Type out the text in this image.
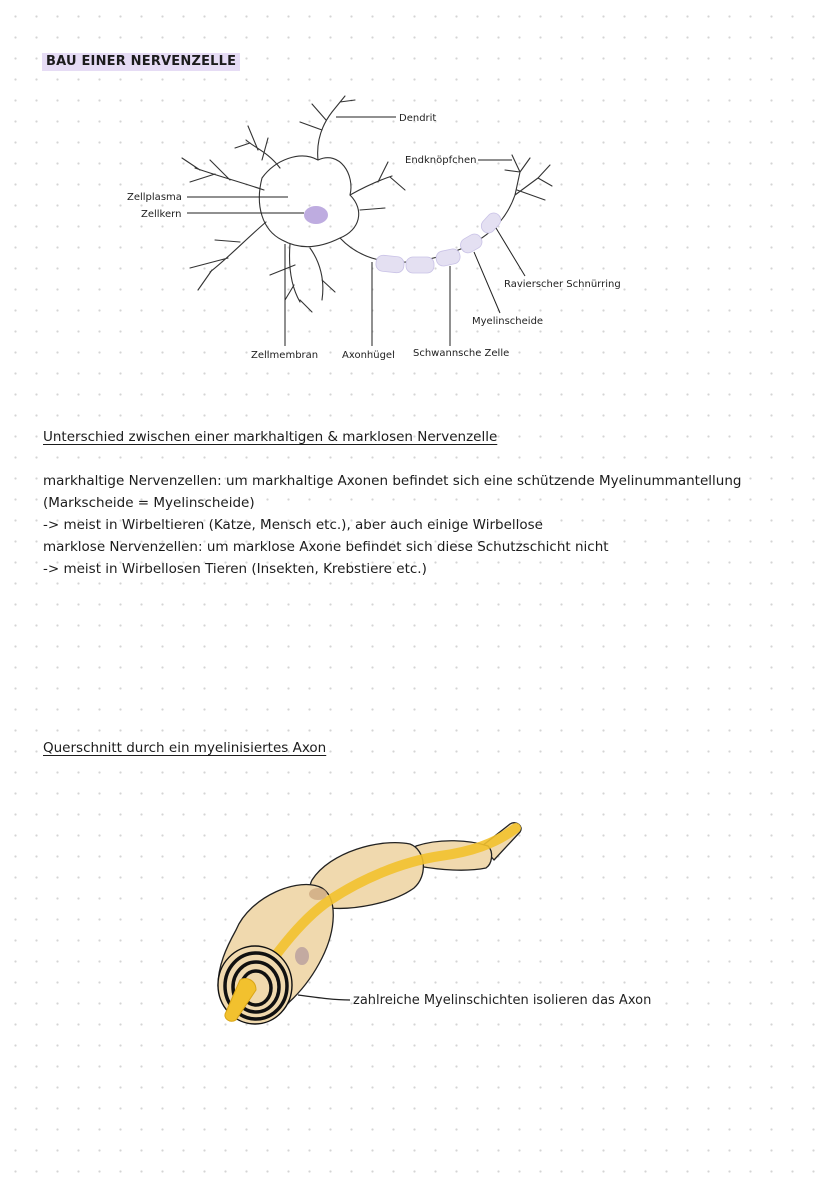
BAU EINER NERVENZELLE
Dendrit
Endknöpfchen
Zellplasma
Zellkern
Ravierscher Schnürring
Myelinscheide
Zellmembran Axonhügel Schwannsche Zelle
Unterschied zwischen einer markhaltigen & marklosen Nervenzelle
markhaltige Nervenzellen: um markhaltige Axonen befindet sich eine schützende Myelinummantellung
(Markscheide = Myelinscheide)
-> meist in Wirbeltieren (Katze, Mensch etc.), aber auch einige Wirbellose
marklose Nervenzellen: um marklose Axone befindet sich diese Schutzschicht nicht
-> meist in Wirbellosen Tieren (Insekten, Krebstiere etc.)
Querschnitt durch ein myelinisiertes Axon
zahlreiche Myelinschichten isolieren das Axon
